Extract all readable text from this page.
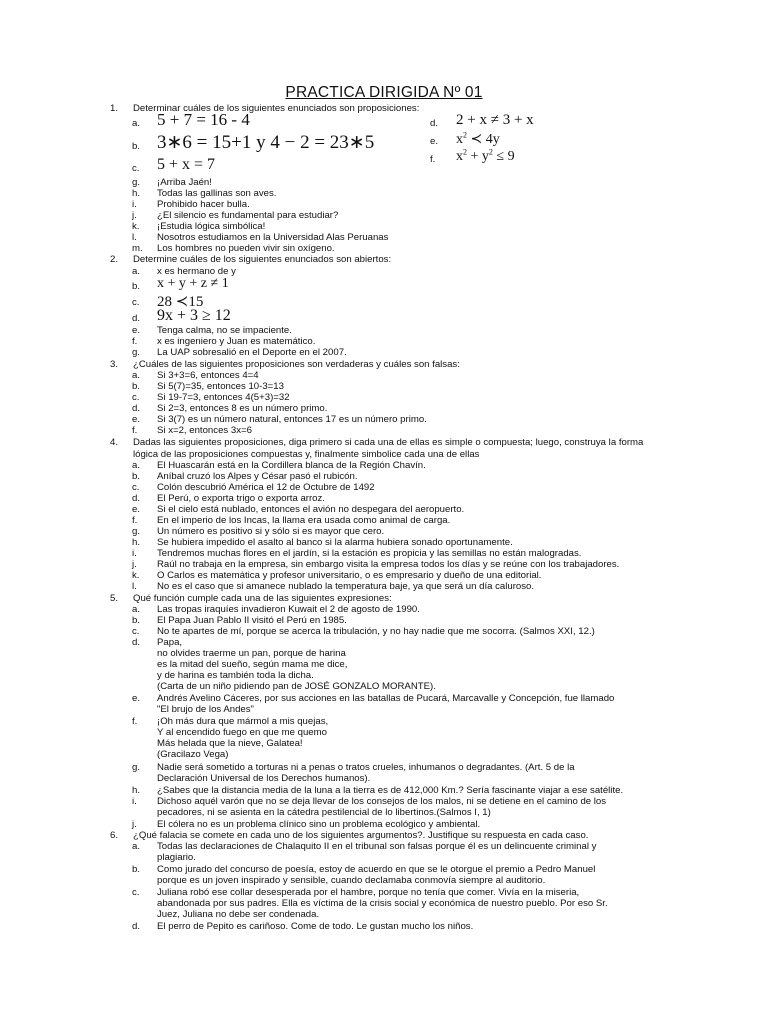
PRACTICA DIRIGIDA Nº 01
1. Determinar cuáles de los siguientes enunciados son proposiciones:
a. 5 + 7 = 16 - 4
b. 3∗6 = 15+1 y 4 − 2 = 23∗5
c. 5 + x = 7
d. 2 + x ≠ 3 + x
e. $x^2$ ≺ 4y
f. $x^2 + y^2 \le 9$
g. ¡Arriba Jaén!
h. Todas las gallinas son aves.
i. Prohibido hacer bulla.
j. ¿El silencio es fundamental para estudiar?
k. ¡Estudia lógica simbólica!
l. Nosotros estudiamos en la Universidad Alas Peruanas
m. Los hombres no pueden vivir sin oxígeno.
2. Determine cuáles de los siguientes enunciados son abiertos:
a. x es hermano de y
b. x + y + z ≠ 1
c. 28 ≺15
d. 9x + 3 ≥ 12
e. Tenga calma, no se impaciente.
f. x es ingeniero y Juan es matemático.
g. La UAP sobresalió en el Deporte en el 2007.
3. ¿Cuáles de las siguientes proposiciones son verdaderas y cuáles son falsas:
a. Si 3+3=6, entonces 4=4
b. Si 5(7)=35, entonces 10-3=13
c. Si 19-7=3, entonces 4(5+3)=32
d. Si 2=3, entonces 8 es un número primo.
e. Si 3(7) es un número natural, entonces 17 es un número primo.
f. Si x=2, entonces 3x=6
4. Dadas las siguientes proposiciones, diga primero si cada una de ellas es simple o compuesta; luego, construya la forma lógica de las proposiciones compuestas y, finalmente simbolice cada una de ellas
a. El Huascarán está en la Cordillera blanca de la Región Chavín.
b. Aníbal cruzó los Alpes y César pasó el rubicón.
c. Colón descubrió América el 12 de Octubre de 1492
d. El Perú, o exporta trigo o exporta arroz.
e. Si el cielo está nublado, entonces el avión no despegara del aeropuerto.
f. En el imperio de los Incas, la llama era usada como animal de carga.
g. Un número es positivo si y sólo si es mayor que cero.
h. Se hubiera impedido el asalto al banco si la alarma hubiera sonado oportunamente.
i. Tendremos muchas flores en el jardín, si la estación es propicia y las semillas no están malogradas.
j. Raúl no trabaja en la empresa, sin embargo visita la empresa todos los días y se reúne con los trabajadores.
k. O Carlos es matemática y profesor universitario, o es empresario y dueño de una editorial.
l. No es el caso que si amanece nublado la temperatura baje, ya que será un día caluroso.
5. Qué función cumple cada una de las siguientes expresiones:
a. Las tropas iraquíes invadieron Kuwait el 2 de agosto de 1990.
b. El Papa Juan Pablo II visitó el Perú en 1985.
c. No te apartes de mí, porque se acerca la tribulación, y no hay nadie que me socorra. (Salmos XXI, 12.)
d. Papa,
no olvides traerme un pan, porque de harina
es la mitad del sueño, según mama me dice,
y de harina es también toda la dicha.
(Carta de un niño pidiendo pan de JOSÉ GONZALO MORANTE).
e. Andrés Avelino Cáceres, por sus acciones en las batallas de Pucará, Marcavalle y Concepción, fue llamado
"El brujo de los Andes"
f. ¡Oh más dura que mármol a mis quejas,
Y al encendido fuego en que me quemo
Más helada que la nieve, Galatea!
(Gracilazo Vega)
g. Nadie será sometido a torturas ni a penas o tratos crueles, inhumanos o degradantes. (Art. 5 de la
Declaración Universal de los Derechos humanos).
h. ¿Sabes que la distancia media de la luna a la tierra es de 412,000 Km.? Sería fascinante viajar a ese satélite.
i. Dichoso aquél varón que no se deja llevar de los consejos de los malos, ni se detiene en el camino de los
pecadores, ni se asienta en la cátedra pestilencial de lo libertinos.(Salmos I, 1)
j. El cólera no es un problema clínico sino un problema ecológico y ambiental.
6. ¿Qué falacia se comete en cada uno de los siguientes argumentos?. Justifique su respuesta en cada caso.
a. Todas las declaraciones de Chalaquito II en el tribunal son falsas porque él es un delincuente criminal y
plagiario.
b. Como jurado del concurso de poesía, estoy de acuerdo en que se le otorgue el premio a Pedro Manuel
porque es un joven inspirado y sensible, cuando declamaba conmovía siempre al auditorio.
c. Juliana robó ese collar desesperada por el hambre, porque no tenía que comer. Vivía en la miseria,
abandonada por sus padres. Ella es víctima de la crisis social y económica de nuestro pueblo. Por eso Sr.
Juez, Juliana no debe ser condenada.
d. El perro de Pepito es cariñoso. Come de todo. Le gustan mucho los niños.
